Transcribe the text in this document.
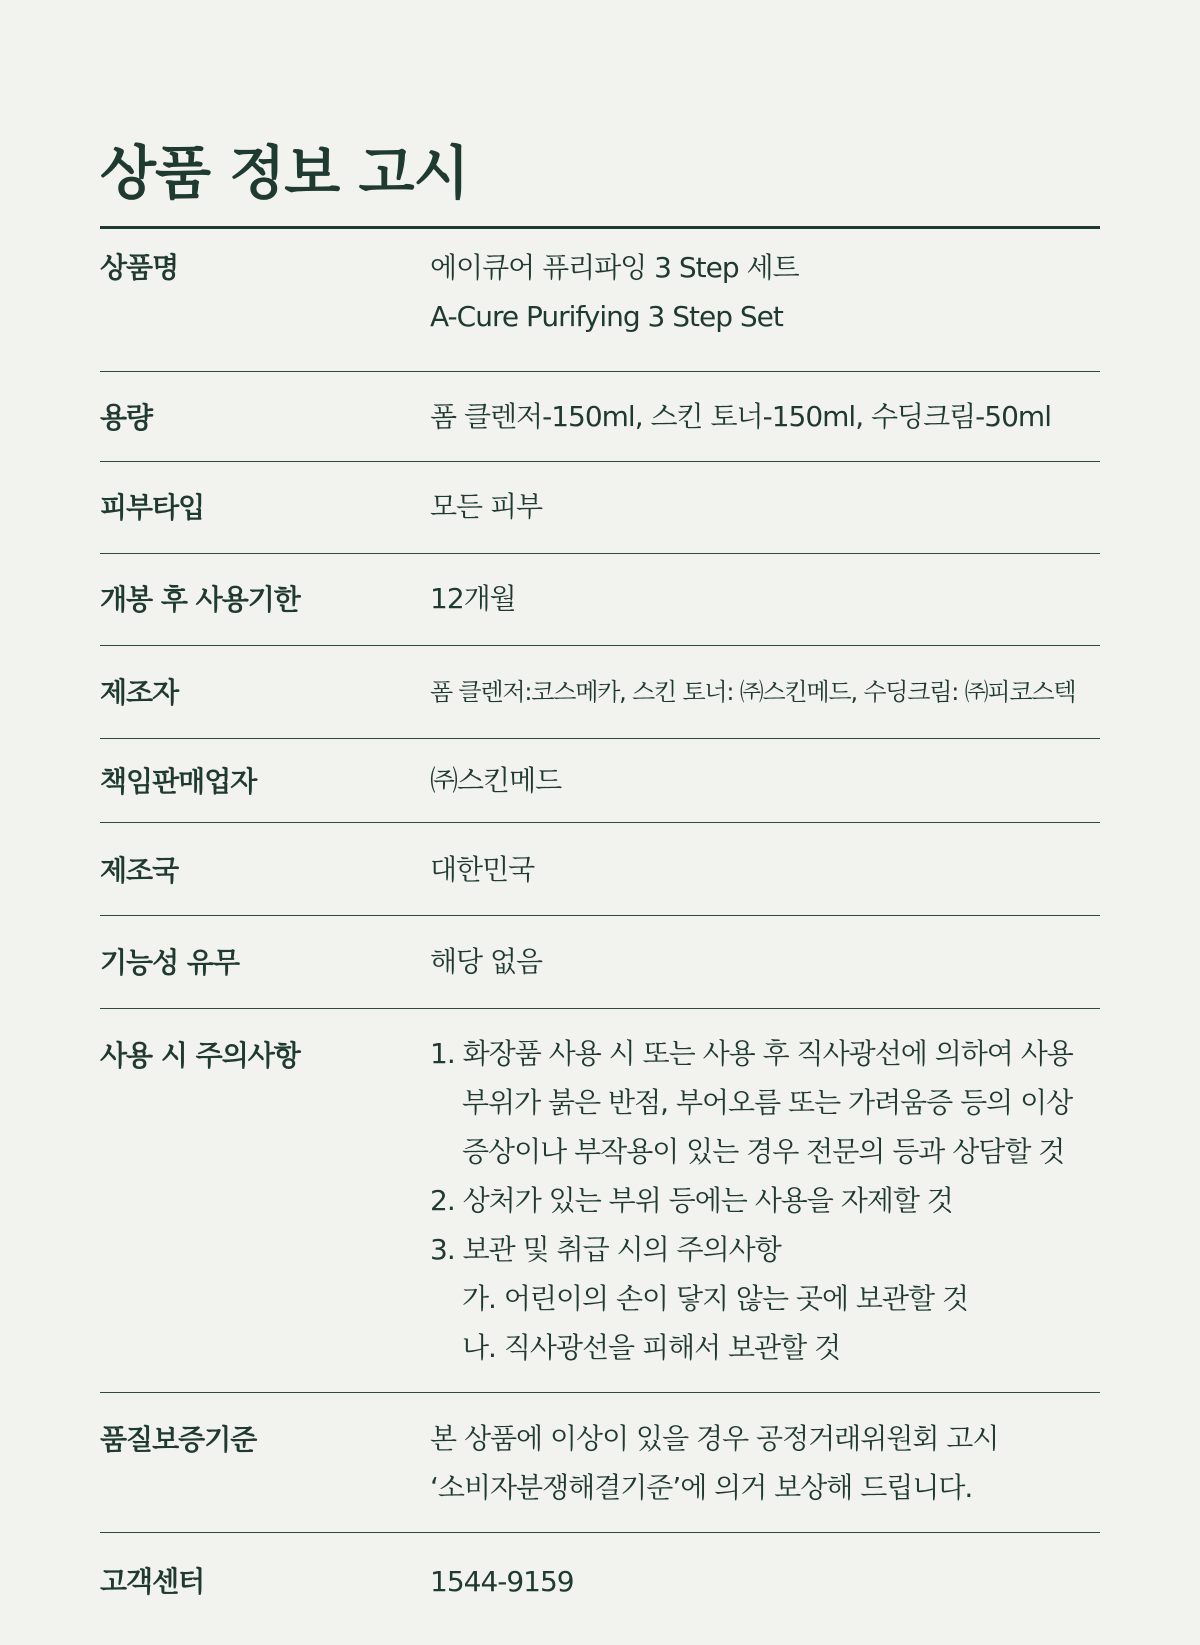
상품 정보 고시
상품명	에이큐어 퓨리파잉 3 Step 세트
A-Cure Purifying 3 Step Set
용량	폼 클렌저-150ml, 스킨 토너-150ml, 수딩크림-50ml
피부타입	모든 피부
개봉 후 사용기한	12개월
제조자	폼 클렌저:코스메카, 스킨 토너: ㈜스킨메드, 수딩크림: ㈜피코스텍
책임판매업자	㈜스킨메드
제조국	대한민국
기능성 유무	해당 없음
사용 시 주의사항	1. 화장품 사용 시 또는 사용 후 직사광선에 의하여 사용
부위가 붉은 반점, 부어오름 또는 가려움증 등의 이상
증상이나 부작용이 있는 경우 전문의 등과 상담할 것
2. 상처가 있는 부위 등에는 사용을 자제할 것
3. 보관 및 취급 시의 주의사항
가. 어린이의 손이 닿지 않는 곳에 보관할 것
나. 직사광선을 피해서 보관할 것
품질보증기준	본 상품에 이상이 있을 경우 공정거래위원회 고시
‘소비자분쟁해결기준’에 의거 보상해 드립니다.
고객센터	1544-9159
